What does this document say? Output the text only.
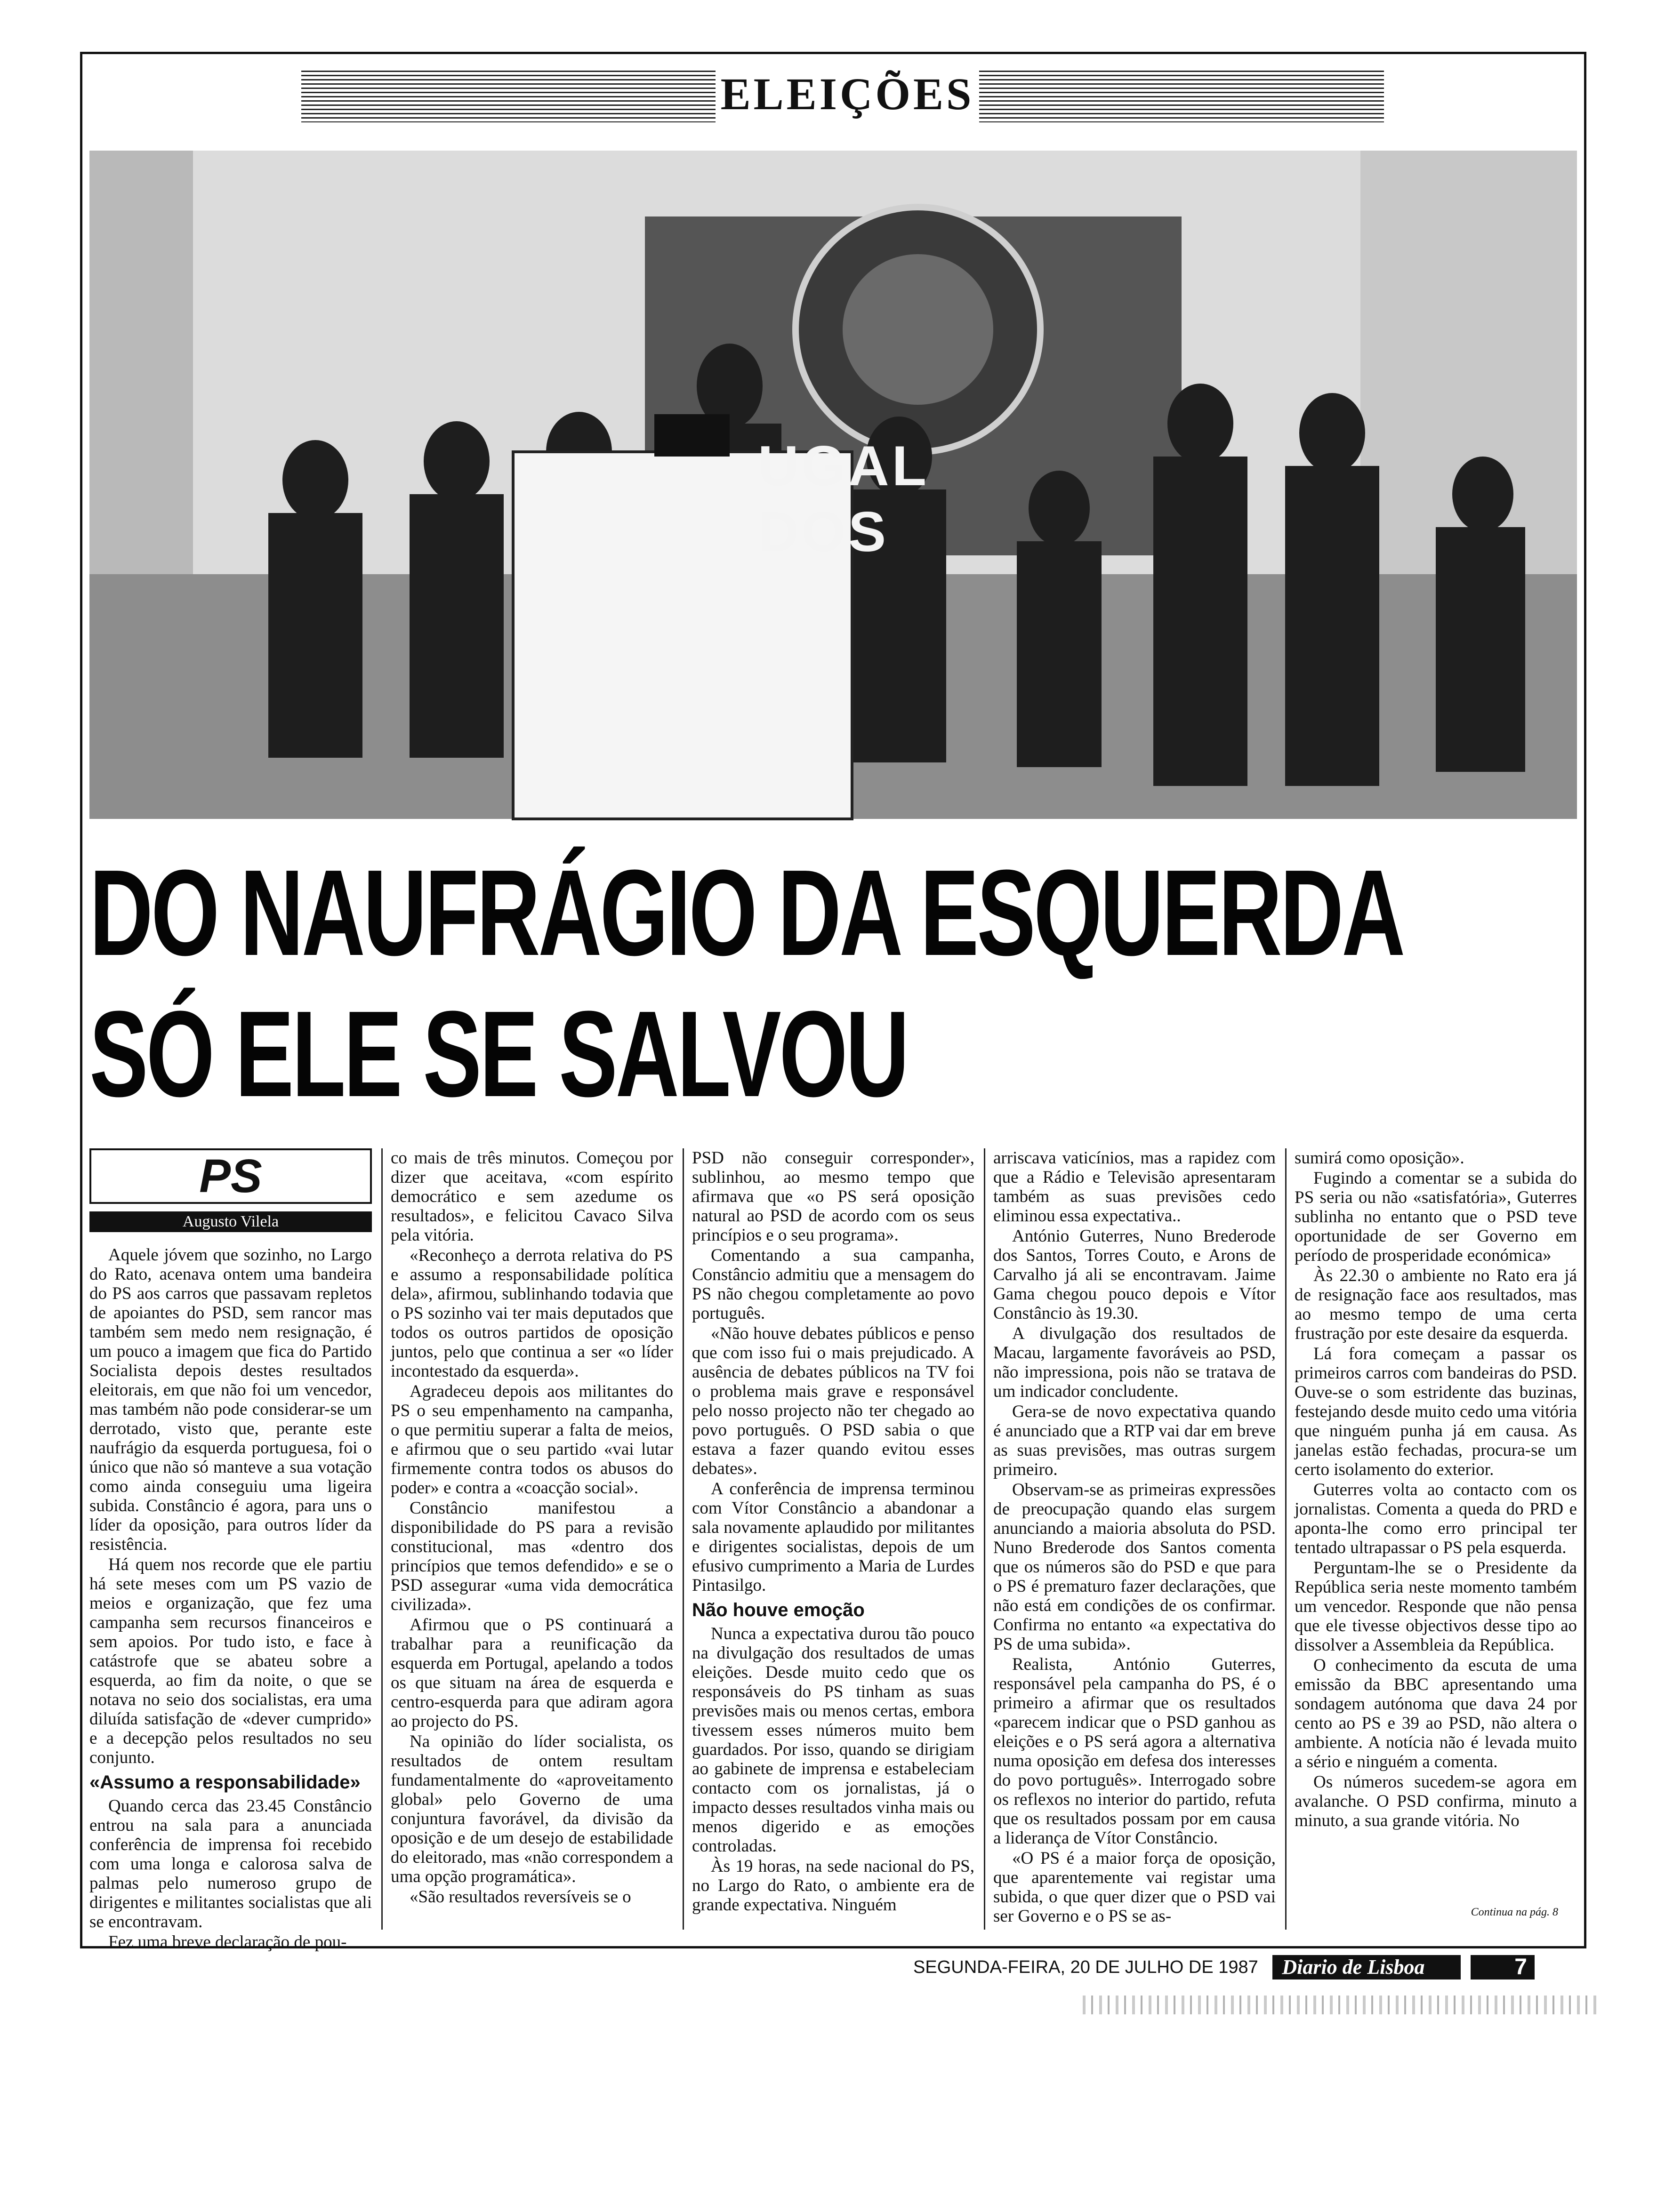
ELEIÇÕES
UGAL
DOS
DO NAUFRÁGIO DA ESQUERDA
SÓ ELE SE SALVOU
PS
Augusto Vilela

Aquele jóvem que sozinho, no Largo do Rato, acenava ontem uma bandeira do PS aos carros que passavam repletos de apoiantes do PSD, sem rancor mas também sem medo nem resignação, é um pouco a imagem que fica do Partido Socialista depois destes resultados eleitorais, em que não foi um vencedor, mas também não pode considerar-se um derrotado, visto que, perante este naufrágio da esquerda portuguesa, foi o único que não só manteve a sua votação como ainda conseguiu uma ligeira subida. Constâncio é agora, para uns o líder da oposição, para outros líder da resistência.

Há quem nos recorde que ele partiu há sete meses com um PS vazio de meios e organização, que fez uma campanha sem recursos financeiros e sem apoios. Por tudo isto, e face à catástrofe que se abateu sobre a esquerda, ao fim da noite, o que se notava no seio dos socialistas, era uma diluída satisfação de «dever cumprido» e a decepção pelos resultados no seu conjunto.

«Assumo a responsabilidade»

Quando cerca das 23.45 Constâncio entrou na sala para a anunciada conferência de imprensa foi recebido com uma longa e calorosa salva de palmas pelo numeroso grupo de dirigentes e militantes socialistas que ali se encontravam.

Fez uma breve declaração de pou-

co mais de três minutos. Começou por dizer que aceitava, «com espírito democrático e sem azedume os resultados», e felicitou Cavaco Silva pela vitória.

«Reconheço a derrota relativa do PS e assumo a responsabilidade política dela», afirmou, sublinhando todavia que o PS sozinho vai ter mais deputados que todos os outros partidos de oposição juntos, pelo que continua a ser «o líder incontestado da esquerda».

Agradeceu depois aos militantes do PS o seu empenhamento na campanha, o que permitiu superar a falta de meios, e afirmou que o seu partido «vai lutar firmemente contra todos os abusos do poder» e contra a «coacção social».

Constâncio manifestou a disponibilidade do PS para a revisão constitucional, mas «dentro dos princípios que temos defendido» e se o PSD assegurar «uma vida democrática civilizada».

Afirmou que o PS continuará a trabalhar para a reunificação da esquerda em Portugal, apelando a todos os que situam na área de esquerda e centro-esquerda para que adiram agora ao projecto do PS.

Na opinião do líder socialista, os resultados de ontem resultam fundamentalmente do «aproveitamento global» pelo Governo de uma conjuntura favorável, da divisão da oposição e de um desejo de estabilidade do eleitorado, mas «não correspondem a uma opção programática».

«São resultados reversíveis se o

PSD não conseguir corresponder», sublinhou, ao mesmo tempo que afirmava que «o PS será oposição natural ao PSD de acordo com os seus princípios e o seu programa».

Comentando a sua campanha, Constâncio admitiu que a mensagem do PS não chegou completamente ao povo português.

«Não houve debates públicos e penso que com isso fui o mais prejudicado. A ausência de debates públicos na TV foi o problema mais grave e responsável pelo nosso projecto não ter chegado ao povo português. O PSD sabia o que estava a fazer quando evitou esses debates».

A conferência de imprensa terminou com Vítor Constâncio a abandonar a sala novamente aplaudido por militantes e dirigentes socialistas, depois de um efusivo cumprimento a Maria de Lurdes Pintasilgo.

Não houve emoção

Nunca a expectativa durou tão pouco na divulgação dos resultados de umas eleições. Desde muito cedo que os responsáveis do PS tinham as suas previsões mais ou menos certas, embora tivessem esses números muito bem guardados. Por isso, quando se dirigiam ao gabinete de imprensa e estabeleciam contacto com os jornalistas, já o impacto desses resultados vinha mais ou menos digerido e as emoções controladas.

Às 19 horas, na sede nacional do PS, no Largo do Rato, o ambiente era de grande expectativa. Ninguém

arriscava vaticínios, mas a rapidez com que a Rádio e Televisão apresentaram também as suas previsões cedo eliminou essa expectativa..

António Guterres, Nuno Brederode dos Santos, Torres Couto, e Arons de Carvalho já ali se encontravam. Jaime Gama chegou pouco depois e Vítor Constâncio às 19.30.

A divulgação dos resultados de Macau, largamente favoráveis ao PSD, não impressiona, pois não se tratava de um indicador concludente.

Gera-se de novo expectativa quando é anunciado que a RTP vai dar em breve as suas previsões, mas outras surgem primeiro.

Observam-se as primeiras expressões de preocupação quando elas surgem anunciando a maioria absoluta do PSD. Nuno Brederode dos Santos comenta que os números são do PSD e que para o PS é prematuro fazer declarações, que não está em condições de os confirmar. Confirma no entanto «a expectativa do PS de uma subida».

Realista, António Guterres, responsável pela campanha do PS, é o primeiro a afirmar que os resultados «parecem indicar que o PSD ganhou as eleições e o PS será agora a alternativa numa oposição em defesa dos interesses do povo português». Interrogado sobre os reflexos no interior do partido, refuta que os resultados possam por em causa a liderança de Vítor Constâncio.

«O PS é a maior força de oposição, que aparentemente vai registar uma subida, o que quer dizer que o PSD vai ser Governo e o PS se as-

sumirá como oposição».

Fugindo a comentar se a subida do PS seria ou não «satisfatória», Guterres sublinha no entanto que o PSD teve oportunidade de ser Governo em período de prosperidade económica»

Às 22.30 o ambiente no Rato era já de resignação face aos resultados, mas ao mesmo tempo de uma certa frustração por este desaire da esquerda.

Lá fora começam a passar os primeiros carros com bandeiras do PSD. Ouve-se o som estridente das buzinas, festejando desde muito cedo uma vitória que ninguém punha já em causa. As janelas estão fechadas, procura-se um certo isolamento do exterior.

Guterres volta ao contacto com os jornalistas. Comenta a queda do PRD e aponta-lhe como erro principal ter tentado ultrapassar o PS pela esquerda.

Perguntam-lhe se o Presidente da República seria neste momento também um vencedor. Responde que não pensa que ele tivesse objectivos desse tipo ao dissolver a Assembleia da República.

O conhecimento da escuta de uma emissão da BBC apresentando uma sondagem autónoma que dava 24 por cento ao PS e 39 ao PSD, não altera o ambiente. A notícia não é levada muito a sério e ninguém a comenta.

Os números sucedem-se agora em avalanche. O PSD confirma, minuto a minuto, a sua grande vitória. No

Continua na pág. 8
SEGUNDA-FEIRA, 20 DE JULHO DE 1987 Diario de Lisboa	7
